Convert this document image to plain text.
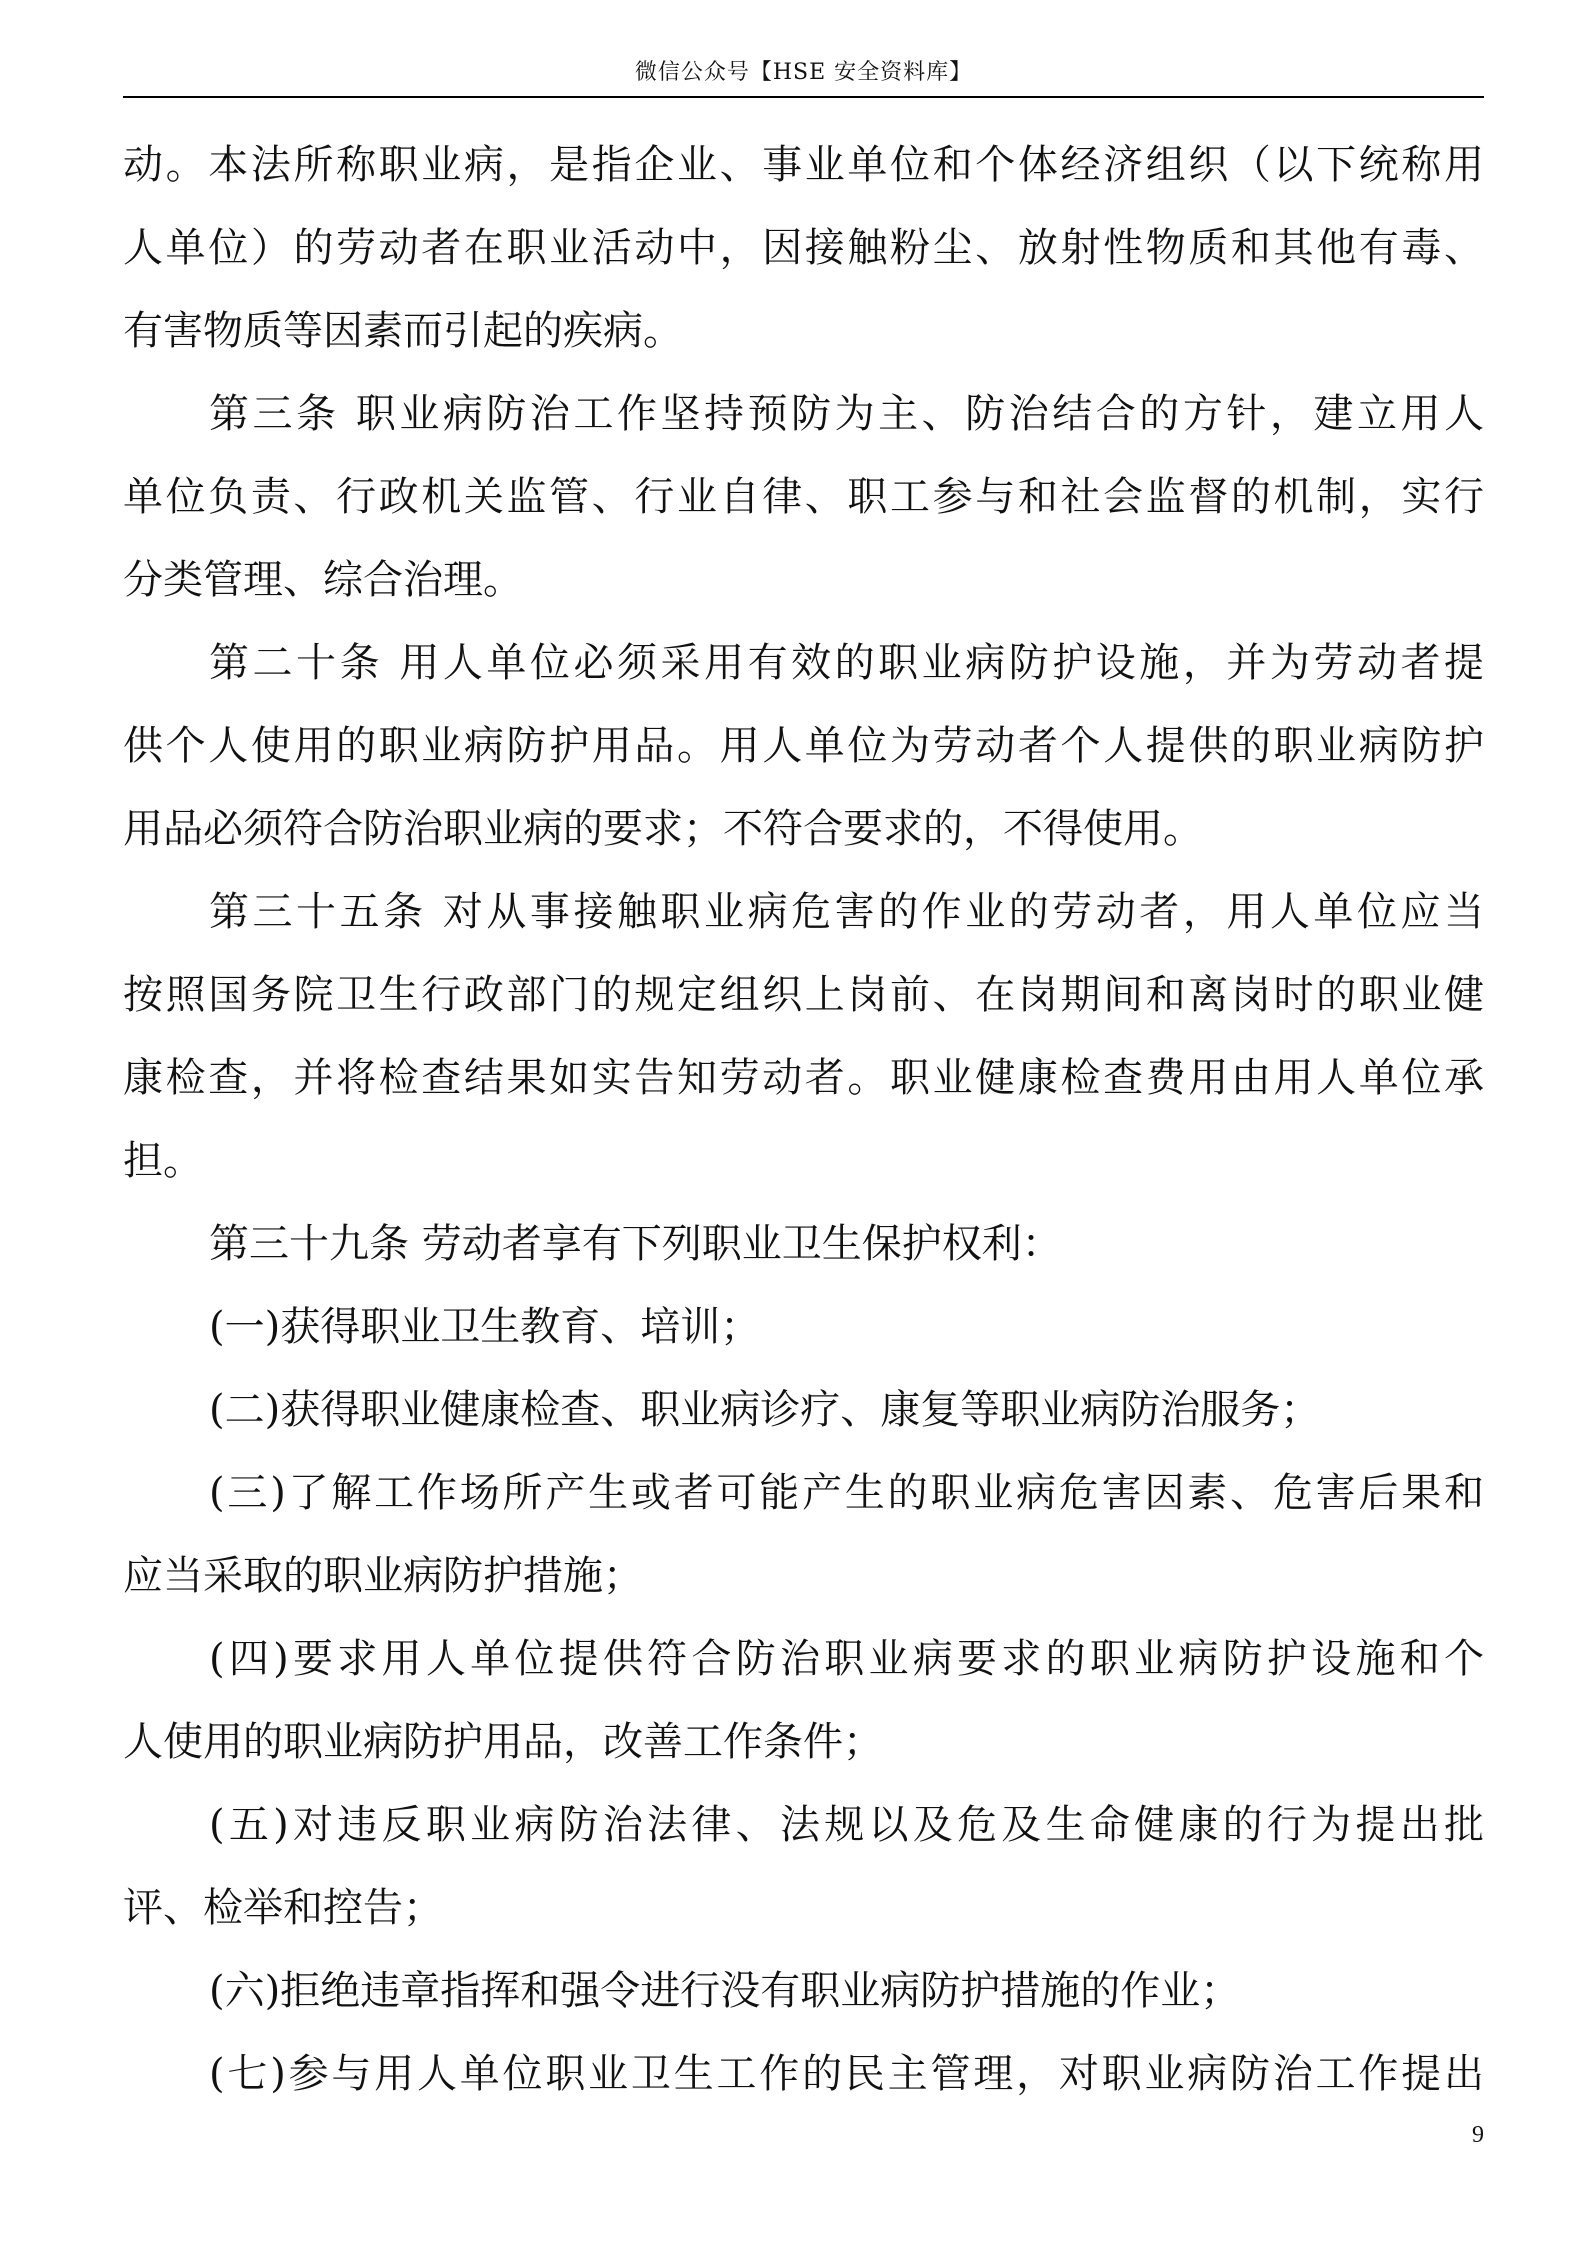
微信公众号【HSE 安全资料库】
动。本法所称职业病，是指企业、事业单位和个体经济组织（以下统称用
人单位）的劳动者在职业活动中，因接触粉尘、放射性物质和其他有毒、
有害物质等因素而引起的疾病。
第三条 职业病防治工作坚持预防为主、防治结合的方针，建立用人
单位负责、行政机关监管、行业自律、职工参与和社会监督的机制，实行
分类管理、综合治理。
第二十条 用人单位必须采用有效的职业病防护设施，并为劳动者提
供个人使用的职业病防护用品。用人单位为劳动者个人提供的职业病防护
用品必须符合防治职业病的要求；不符合要求的，不得使用。
第三十五条 对从事接触职业病危害的作业的劳动者，用人单位应当
按照国务院卫生行政部门的规定组织上岗前、在岗期间和离岗时的职业健
康检查，并将检查结果如实告知劳动者。职业健康检查费用由用人单位承
担。
第三十九条 劳动者享有下列职业卫生保护权利：
(一)获得职业卫生教育、培训；
(二)获得职业健康检查、职业病诊疗、康复等职业病防治服务；
(三)了解工作场所产生或者可能产生的职业病危害因素、危害后果和
应当采取的职业病防护措施；
(四)要求用人单位提供符合防治职业病要求的职业病防护设施和个
人使用的职业病防护用品，改善工作条件；
(五)对违反职业病防治法律、法规以及危及生命健康的行为提出批
评、检举和控告；
(六)拒绝违章指挥和强令进行没有职业病防护措施的作业；
(七)参与用人单位职业卫生工作的民主管理，对职业病防治工作提出
9
